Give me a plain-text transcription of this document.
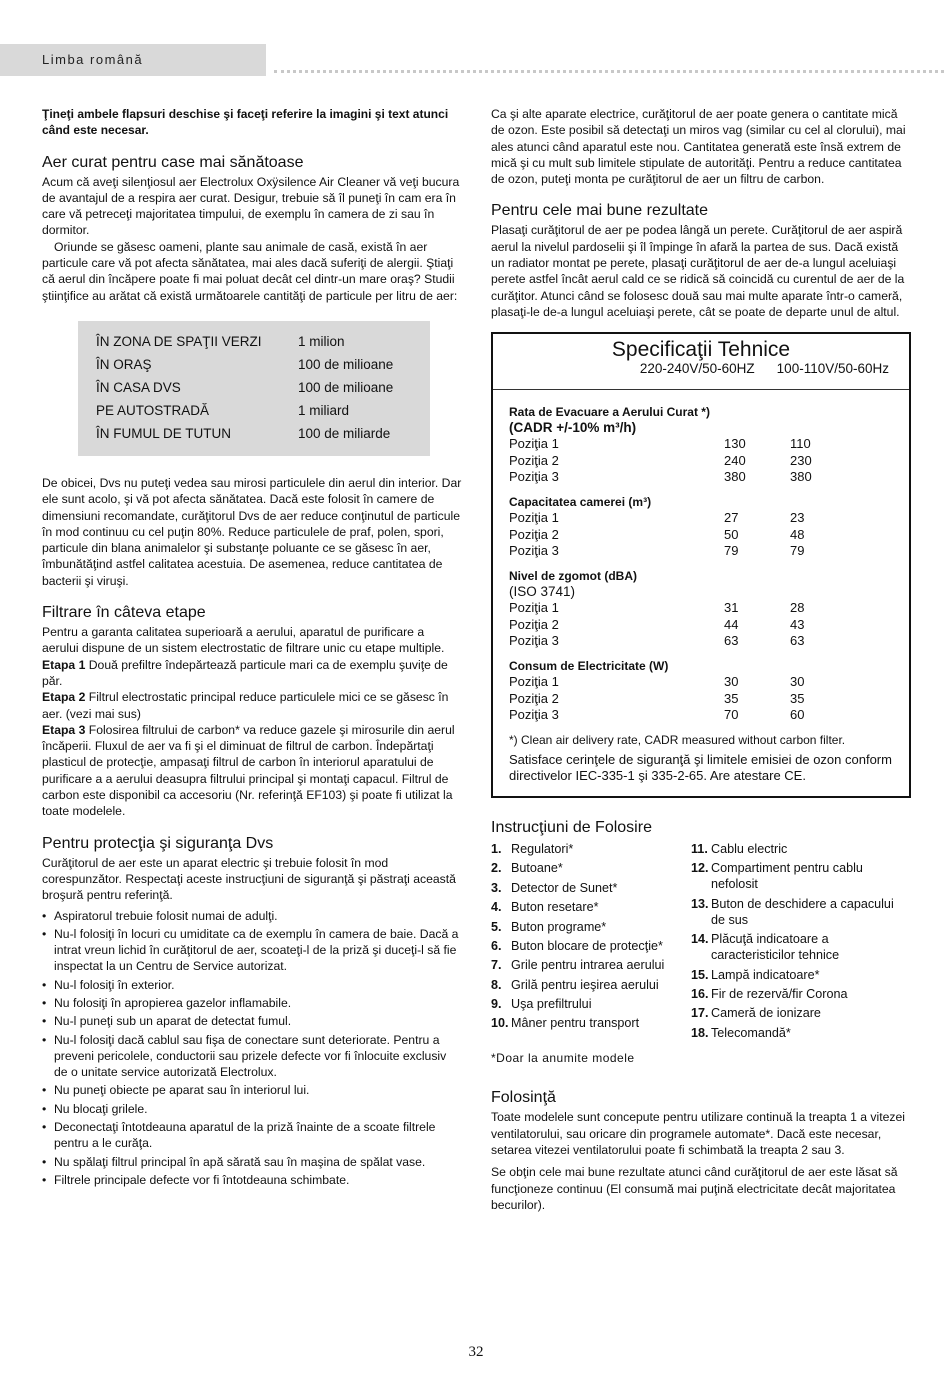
Limba română

Ţineţi ambele flapsuri deschise şi faceţi referire la imagini şi text atunci când este necesar.

Aer curat pentru case mai sănătoase

Acum că aveţi silenţiosul aer Electrolux Oxÿsilence Air Cleaner vă veţi bucura de avantajul de a respira aer curat. Desigur, trebuie să îl puneţi în cam era în care vă petreceţi majoritatea timpului, de exemplu în camera de zi sau în dormitor.

Oriunde se găsesc oameni, plante sau animale de casă, există în aer particule care vă pot afecta sănătatea, mai ales dacă suferiţi de alergii. Ştiaţi că aerul din încăpere poate fi mai poluat decât cel dintr-un mare oraş? Studii ştiinţifice au arătat că există următoarele cantităţi de particule per litru de aer:

ÎN ZONA DE SPAŢII VERZI	1 milion
ÎN ORAŞ	100 de milioane
ÎN CASA DVS	100 de milioane
PE AUTOSTRADĂ	1 miliard
ÎN FUMUL DE TUTUN	100 de miliarde

De obicei, Dvs nu puteţi vedea sau mirosi particulele din aerul din interior. Dar ele sunt acolo, şi vă pot afecta sănătatea. Dacă este folosit în camere de dimensiuni recomandate, curăţitorul Dvs de aer reduce conţinutul de particule în mod continuu cu cel puţin 80%. Reduce particulele de praf, polen, spori, particule din blana animalelor şi substanţe poluante ce se găsesc în aer, îmbunătăţind astfel calitatea acestuia. De asemenea, reduce cantitatea de bacterii şi viruşi.

Filtrare în câteva etape

Pentru a garanta calitatea superioară a aerului, aparatul de purificare a aerului dispune de un sistem electrostatic de filtrare unic cu etape multiple.

Etapa 1 Două prefiltre îndepărtează particule mari ca de exemplu şuviţe de păr.

Etapa 2 Filtrul electrostatic principal reduce particulele mici ce se găsesc în aer. (vezi mai sus)

Etapa 3 Folosirea filtrului de carbon* va reduce gazele şi mirosurile din aerul încăperii. Fluxul de aer va fi şi el diminuat de filtrul de carbon. Îndepărtaţi plasticul de protecţie, ampasaţi filtrul de carbon în interiorul aparatului de purificare a a aerului deasupra filtrului principal şi montaţi capacul. Filtrul de carbon este disponibil ca accesoriu (Nr. referinţă EF103) şi poate fi utilizat la toate modelele.

Pentru protecţia şi siguranţa Dvs

Curăţitorul de aer este un aparat electric şi trebuie folosit în mod corespunzător. Respectaţi aceste instrucţiuni de siguranţă şi păstraţi această broşură pentru referinţă.

• Aspiratorul trebuie folosit numai de adulţi.
• Nu-l folosiţi în locuri cu umiditate ca de exemplu în camera de baie. Dacă a intrat vreun lichid în curăţitorul de aer, scoateţi-l de la priză şi duceţi-l să fie inspectat la un Centru de Service autorizat.
• Nu-l folosiţi în exterior.
• Nu folosiţi în apropierea gazelor inflamabile.
• Nu-l puneţi sub un aparat de detectat fumul.
• Nu-l folosiţi dacă cablul sau fişa de conectare sunt deteriorate. Pentru a preveni pericolele, conductorii sau prizele defecte vor fi înlocuite exclusiv de o unitate service autorizată Electrolux.
• Nu puneţi obiecte pe aparat sau în interiorul lui.
• Nu blocaţi grilele.
• Deconectaţi întotdeauna aparatul de la priză înainte de a scoate filtrele pentru a le curăţa.
• Nu spălaţi filtrul principal în apă sărată sau în maşina de spălat vase.
• Filtrele principale defecte vor fi întotdeauna schimbate.

Ca şi alte aparate electrice, curăţitorul de aer poate genera o cantitate mică de ozon. Este posibil să detectaţi un miros vag (similar cu cel al clorului), mai ales atunci când aparatul este nou. Cantitatea generată este însă extrem de mică şi cu mult sub limitele stipulate de autorităţi. Pentru a reduce cantitatea de ozon, puteţi monta pe curăţitorul de aer un filtru de carbon.

Pentru cele mai bune rezultate

Plasaţi curăţitorul de aer pe podea lângă un perete. Curăţitorul de aer aspiră aerul la nivelul pardoselii şi îl împinge în afară la partea de sus. Dacă există un radiator montat pe perete, plasaţi curăţitorul de aer de-a lungul aceluiaşi perete astfel încât aerul cald ce se ridică să coincidă cu curentul de aer de la curăţitor. Atunci când se folosesc două sau mai multe aparate într-o cameră, plasaţi-le de-a lungul aceluiaşi perete, cât se poate de departe unul de altul.

Specificaţii Tehnice
220-240V/50-60HZ 100-110V/50-60Hz
Rata de Evacuare a Aerului Curat *)
(CADR +/-10% m³/h)
Poziţia 1	130	110
Poziţia 2	240	230
Poziţia 3	380	380
Capacitatea camerei (m³)
Poziţia 1	27	23
Poziţia 2	50	48
Poziţia 3	79	79
Nivel de zgomot (dBA)
(ISO 3741)
Poziţia 1	31	28
Poziţia 2	44	43
Poziţia 3	63	63
Consum de Electricitate (W)
Poziţia 1	30	30
Poziţia 2	35	35
Poziţia 3	70	60
*) Clean air delivery rate, CADR measured without carbon filter.
Satisface cerinţele de siguranţă şi limitele emisiei de ozon conform directivelor IEC-335-1 şi 335-2-65. Are atestare CE.
Instrucţiuni de Folosire
1. Regulatori*
2. Butoane*
3. Detector de Sunet*
4. Buton resetare*
5. Buton programe*
6. Buton blocare de protecţie*
7. Grile pentru intrarea aerului
8. Grilă pentru ieşirea aerului
9. Uşa prefiltrului
10. Mâner pentru transport
11. Cablu electric
12. Compartiment pentru cablu nefolosit
13. Buton de deschidere a capacului de sus
14. Plăcuţă indicatoare a caracteristicilor tehnice
15. Lampă indicatoare*
16. Fir de rezervă/fir Corona
17. Cameră de ionizare
18. Telecomandă*
*Doar la anumite modele
Folosinţă

Toate modelele sunt concepute pentru utilizare continuă la treapta 1 a vitezei ventilatorului, sau oricare din programele automate*. Dacă este necesar, setarea vitezei ventilatorului poate fi schimbată la treapta 2 sau 3.

Se obţin cele mai bune rezultate atunci când curăţitorul de aer este lăsat să funcţioneze continuu (El consumă mai puţină electricitate decât majoritatea becurilor).

32
